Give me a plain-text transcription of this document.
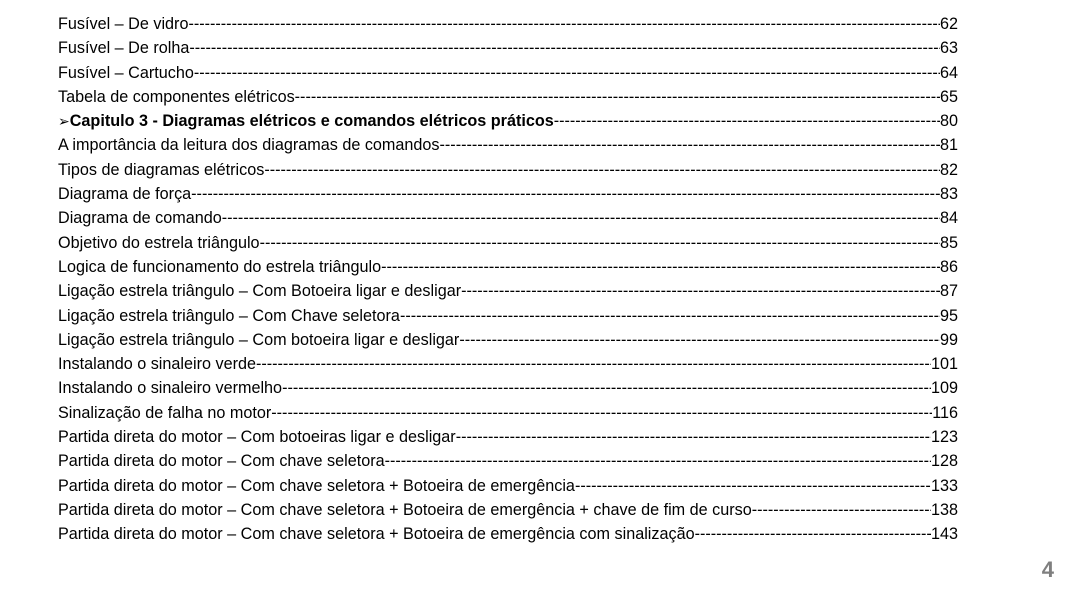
Fusível – De vidro -----	62
Fusível – De rolha -----	63
Fusível – Cartucho -----	64
Tabela de componentes elétricos -----	65
➢ Capitulo 3 - Diagramas elétricos e comandos elétricos práticos -----	80
A importância da leitura dos diagramas de comandos -----	81
Tipos de diagramas elétricos -----	82
Diagrama de força -----	83
Diagrama de comando -----	84
Objetivo do estrela triângulo -----	85
Logica de funcionamento do estrela triângulo -----	86
Ligação estrela triângulo – Com Botoeira ligar e desligar -----	87
Ligação estrela triângulo – Com Chave seletora -----	95
Ligação estrela triângulo – Com botoeira ligar e desligar -----	99
Instalando o sinaleiro verde -----	101
Instalando o sinaleiro vermelho -----	109
Sinalização de falha no motor -----	116
Partida direta do motor – Com botoeiras ligar e desligar -----	123
Partida direta do motor – Com chave seletora -----	128
Partida direta do motor – Com chave seletora + Botoeira de emergência -----	133
Partida direta do motor – Com chave seletora + Botoeira de emergência + chave de fim de curso -----	138
Partida direta do motor – Com chave seletora + Botoeira de emergência com sinalização -----	143
4
